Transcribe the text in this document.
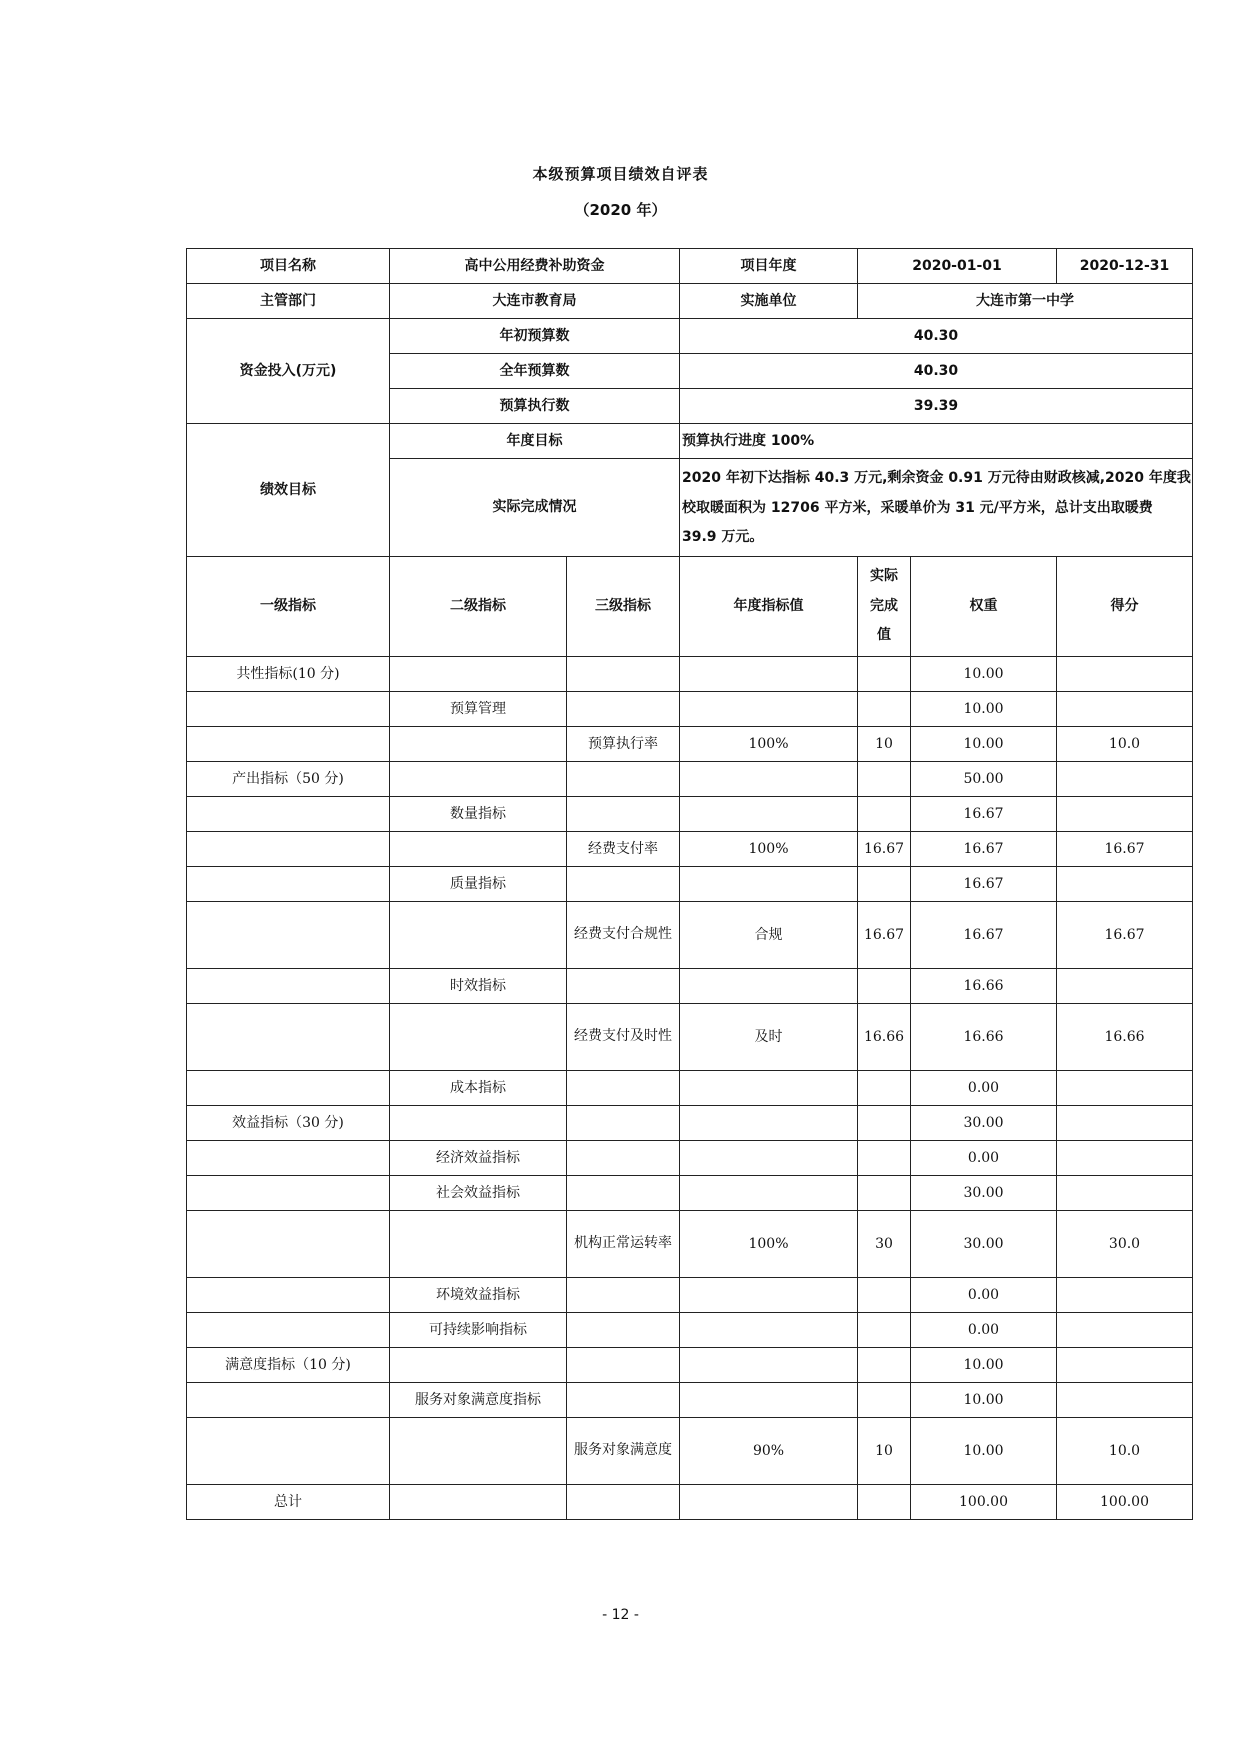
本级预算项目绩效自评表
（2020 年）
项目名称	高中公用经费补助资金		项目年度	2020-01-01		2020-12-31
主管部门	大连市教育局		实施单位	大连市第一中学		
资金投入(万元)	年初预算数		40.30			
	全年预算数		40.30			
	预算执行数		39.39			
绩效目标	年度目标		预算执行进度 100%			
	实际完成情况		2020 年初下达指标 40.3 万元,剩余资金 0.91 万元待由财政核减,2020 年度我校取暖面积为 12706 平方米，采暖单价为 31 元/平方米，总计支出取暖费 39.9 万元。			
一级指标	二级指标	三级指标	年度指标值	实际完成值	权重	得分
共性指标(10 分)					10.00	
	预算管理				10.00	
		预算执行率	100%	10	10.00	10.0
产出指标（50 分)					50.00	
	数量指标				16.67	
		经费支付率	100%	16.67	16.67	16.67
	质量指标				16.67	
		经费支付合规性	合规	16.67	16.67	16.67
	时效指标				16.66	
		经费支付及时性	及时	16.66	16.66	16.66
	成本指标				0.00	
效益指标（30 分)					30.00	
	经济效益指标				0.00	
	社会效益指标				30.00	
		机构正常运转率	100%	30	30.00	30.0
	环境效益指标				0.00	
	可持续影响指标				0.00	
满意度指标（10 分)					10.00	
	服务对象满意度指标				10.00	
		服务对象满意度	90%	10	10.00	10.0
总计					100.00	100.00
- 12 -
